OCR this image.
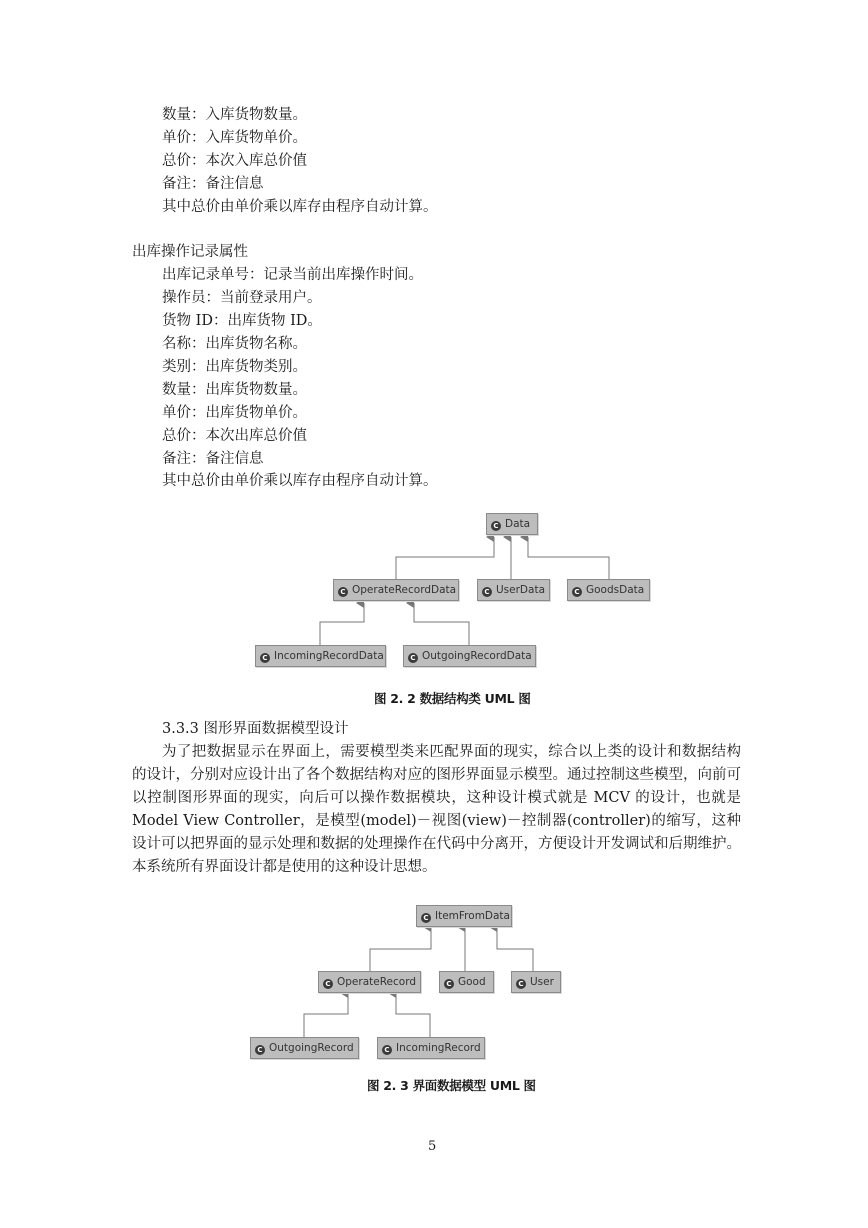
数量：入库货物数量。
单价：入库货物单价。
总价：本次入库总价值
备注：备注信息
其中总价由单价乘以库存由程序自动计算。
出库操作记录属性
出库记录单号：记录当前出库操作时间。
操作员：当前登录用户。
货物 ID：出库货物 ID。
名称：出库货物名称。
类别：出库货物类别。
数量：出库货物数量。
单价：出库货物单价。
总价：本次出库总价值
备注：备注信息
其中总价由单价乘以库存由程序自动计算。
C Data
C OperateRecordData	C UserData	C GoodsData
C IncomingRecordData	C OutgoingRecordData
图 2. 2 数据结构类 UML 图
3.3.3 图形界面数据模型设计
为了把数据显示在界面上，需要模型类来匹配界面的现实，综合以上类的设计和数据结构的设计，分别对应设计出了各个数据结构对应的图形界面显示模型。通过控制这些模型，向前可以控制图形界面的现实，向后可以操作数据模块，这种设计模式就是 MCV 的设计，也就是 Model View Controller，是模型(model)－视图(view)－控制器(controller)的缩写，这种设计可以把界面的显示处理和数据的处理操作在代码中分离开，方便设计开发调试和后期维护。本系统所有界面设计都是使用的这种设计思想。
C ItemFromData
C OperateRecord	C Good	C User
C OutgoingRecord	C IncomingRecord
图 2. 3 界面数据模型 UML 图
5
